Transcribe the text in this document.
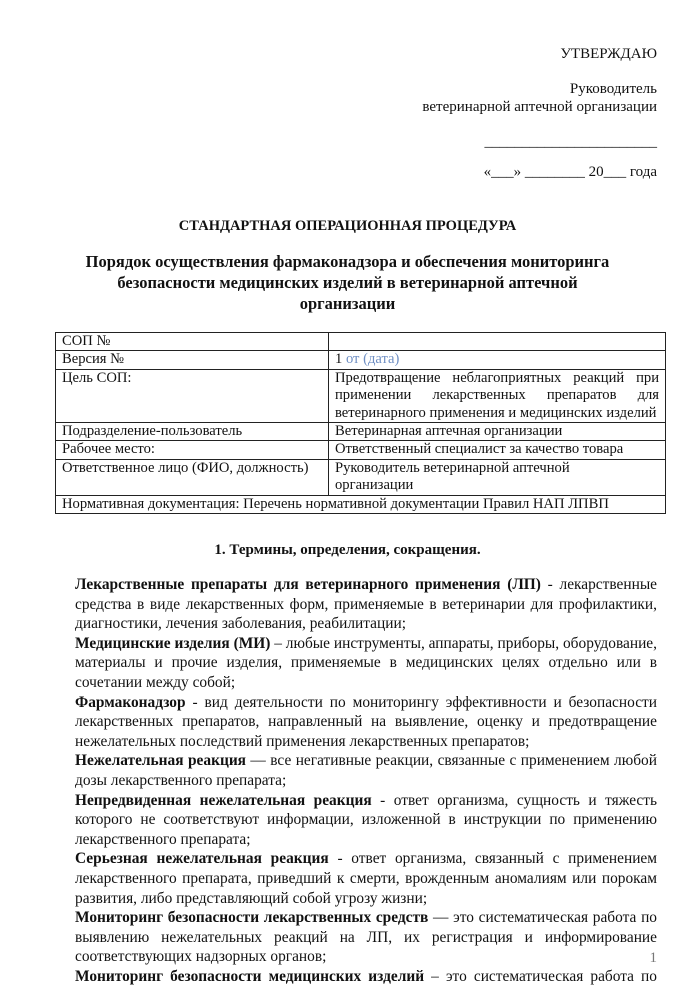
УТВЕРЖДАЮ
Руководитель
ветеринарной аптечной организации
_______________________
«___» ________ 20___ года
СТАНДАРТНАЯ ОПЕРАЦИОННАЯ ПРОЦЕДУРА
Порядок осуществления фармаконадзора и обеспечения мониторинга безопасности медицинских изделий в ветеринарной аптечной организации
СОП №	
Версия №	1 от (дата)
Цель СОП:	Предотвращение неблагоприятных реакций при применении лекарственных препаратов для ветеринарного применения и медицинских изделий
Подразделение-пользователь	Ветеринарная аптечная организации
Рабочее место:	Ответственный специалист за качество товара
Ответственное лицо (ФИО, должность)	Руководитель ветеринарной аптечной организации
Нормативная документация: Перечень нормативной документации Правил НАП ЛПВП	
1. Термины, определения, сокращения.

Лекарственные препараты для ветеринарного применения (ЛП) - лекарственные средства в виде лекарственных форм, применяемые в ветеринарии для профилактики, диагностики, лечения заболевания, реабилитации;

Медицинские изделия (МИ) – любые инструменты, аппараты, приборы, оборудование, материалы и прочие изделия, применяемые в медицинских целях отдельно или в сочетании между собой;

Фармаконадзор - вид деятельности по мониторингу эффективности и безопасности лекарственных препаратов, направленный на выявление, оценку и предотвращение нежелательных последствий применения лекарственных препаратов;

Нежелательная реакция — все негативные реакции, связанные с применением любой дозы лекарственного препарата;

Непредвиденная нежелательная реакция - ответ организма, сущность и тяжесть которого не соответствуют информации, изложенной в инструкции по применению лекарственного препарата;

Серьезная нежелательная реакция - ответ организма, связанный с применением лекарственного препарата, приведший к смерти, врожденным аномалиям или порокам развития, либо представляющий собой угрозу жизни;

Мониторинг безопасности лекарственных средств — это систематическая работа по выявлению нежелательных реакций на ЛП, их регистрация и информирование соответствующих надзорных органов;

Мониторинг безопасности медицинских изделий – это систематическая работа по

1
